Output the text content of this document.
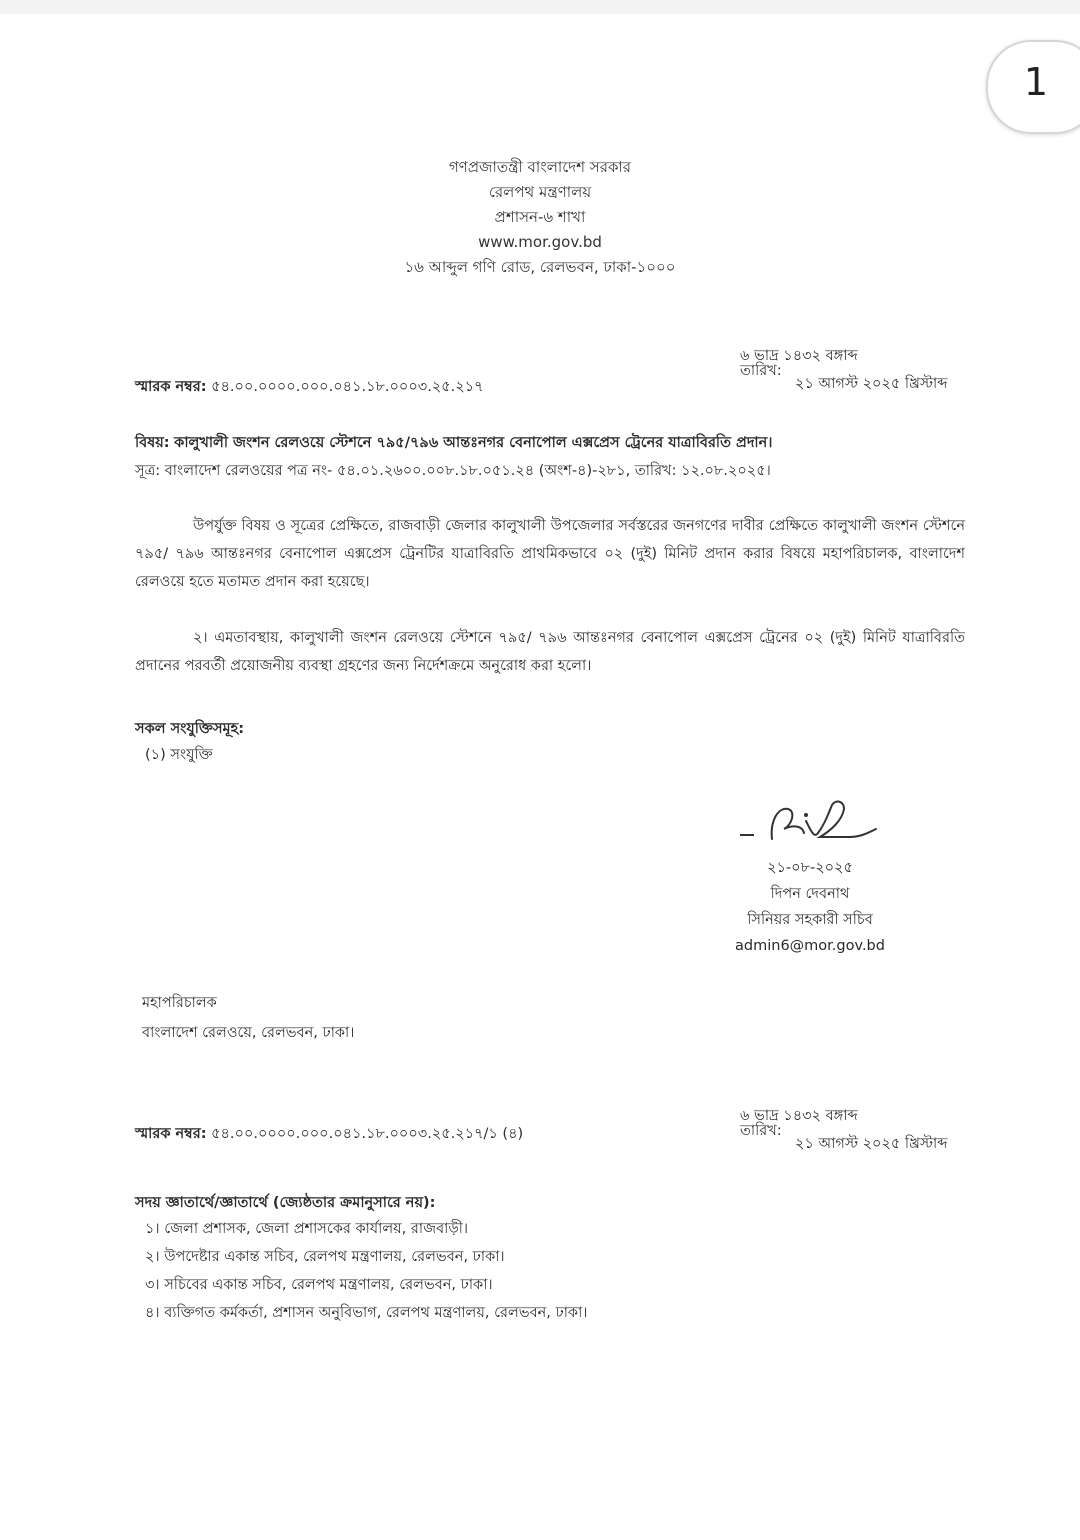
1
গণপ্রজাতন্ত্রী বাংলাদেশ সরকার
রেলপথ মন্ত্রণালয়
প্রশাসন-৬ শাখা
www.mor.gov.bd
১৬ আব্দুল গণি রোড, রেলভবন, ঢাকা-১০০০
৬ ভাদ্র ১৪৩২ বঙ্গাব্দ
তারিখ:
২১ আগস্ট ২০২৫ খ্রিস্টাব্দ
স্মারক নম্বর: ৫৪.০০.০০০০.০০০.০৪১.১৮.০০০৩.২৫.২১৭
বিষয়: কালুখালী জংশন রেলওয়ে স্টেশনে ৭৯৫/৭৯৬ আন্তঃনগর বেনাপোল এক্সপ্রেস ট্রেনের যাত্রাবিরতি প্রদান।
সূত্র: বাংলাদেশ রেলওয়ের পত্র নং- ৫৪.০১.২৬০০.০০৮.১৮.০৫১.২৪ (অংশ-৪)-২৮১, তারিখ: ১২.০৮.২০২৫।
উপর্যুক্ত বিষয় ও সূত্রের প্রেক্ষিতে, রাজবাড়ী জেলার কালুখালী উপজেলার সর্বস্তরের জনগণের দাবীর প্রেক্ষিতে কালুখালী জংশন স্টেশনে ৭৯৫/ ৭৯৬ আন্তঃনগর বেনাপোল এক্সপ্রেস ট্রেনটির যাত্রাবিরতি প্রাথমিকভাবে ০২ (দুই) মিনিট প্রদান করার বিষয়ে মহাপরিচালক, বাংলাদেশ রেলওয়ে হতে মতামত প্রদান করা হয়েছে।
২। এমতাবস্থায়, কালুখালী জংশন রেলওয়ে স্টেশনে ৭৯৫/ ৭৯৬ আন্তঃনগর বেনাপোল এক্সপ্রেস ট্রেনের ০২ (দুই) মিনিট যাত্রাবিরতি প্রদানের পরবর্তী প্রয়োজনীয় ব্যবস্থা গ্রহণের জন্য নির্দেশক্রমে অনুরোধ করা হলো।
সকল সংযুক্তিসমূহ:
(১) সংযুক্তি
২১-০৮-২০২৫
দিপন দেবনাথ
সিনিয়র সহকারী সচিব
admin6@mor.gov.bd
মহাপরিচালক
বাংলাদেশ রেলওয়ে, রেলভবন, ঢাকা।
৬ ভাদ্র ১৪৩২ বঙ্গাব্দ
তারিখ:
২১ আগস্ট ২০২৫ খ্রিস্টাব্দ
স্মারক নম্বর: ৫৪.০০.০০০০.০০০.০৪১.১৮.০০০৩.২৫.২১৭/১ (৪)
সদয় জ্ঞাতার্থে/জ্ঞাতার্থে (জ্যেষ্ঠতার ক্রমানুসারে নয়):
১। জেলা প্রশাসক, জেলা প্রশাসকের কার্যালয়, রাজবাড়ী।
২। উপদেষ্টার একান্ত সচিব, রেলপথ মন্ত্রণালয়, রেলভবন, ঢাকা।
৩। সচিবের একান্ত সচিব, রেলপথ মন্ত্রণালয়, রেলভবন, ঢাকা।
৪। ব্যক্তিগত কর্মকর্তা, প্রশাসন অনুবিভাগ, রেলপথ মন্ত্রণালয়, রেলভবন, ঢাকা।
